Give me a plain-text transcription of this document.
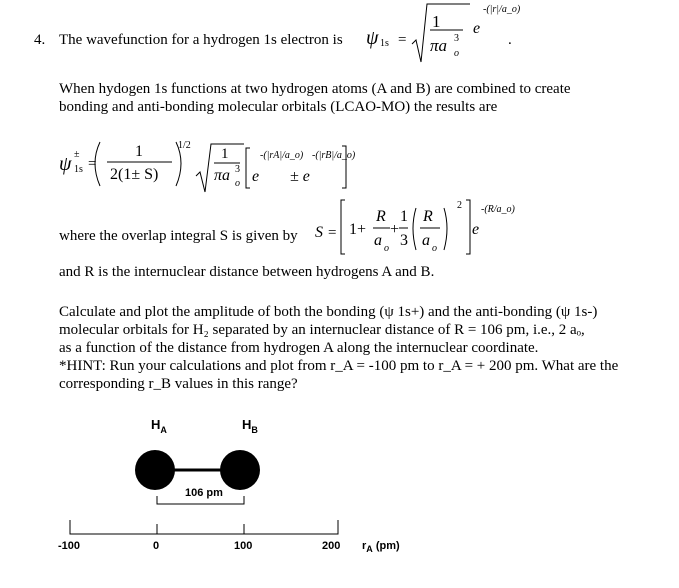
4. The wavefunction for a hydrogen 1s electron is ψ 1s =
1
πa 3
o
e
-(|r|/a_o)
.
When hydogen 1s functions at two hydrogen atoms (A and B) are combined to create
bonding and anti-bonding molecular orbitals (LCAO-MO) the results are
ψ ±
1s =
1
2(1± S)
1/2
1
πa 3
o e
-(|rA|/a_o)
± e
-(|rB|/a_o)
where the overlap integral S is given by S = 1+
R
a o
+
1
3
R
a o
2
e
-(R/a_o)
and R is the internuclear distance between hydrogens A and B.
Calculate and plot the amplitude of both the bonding (ψ 1s+) and the anti-bonding (ψ 1s-)
molecular orbitals for H₂ separated by an internuclear distance of R = 106 pm, i.e., 2 aₒ,
as a function of the distance from hydrogen A along the internuclear coordinate.
*HINT: Run your calculations and plot from r_A = -100 pm to r_A = + 200 pm. What are the
corresponding r_B values in this range?
$H_A$	$H_B$
106 pm
-100	0	100	200 $r_A$ (pm)
